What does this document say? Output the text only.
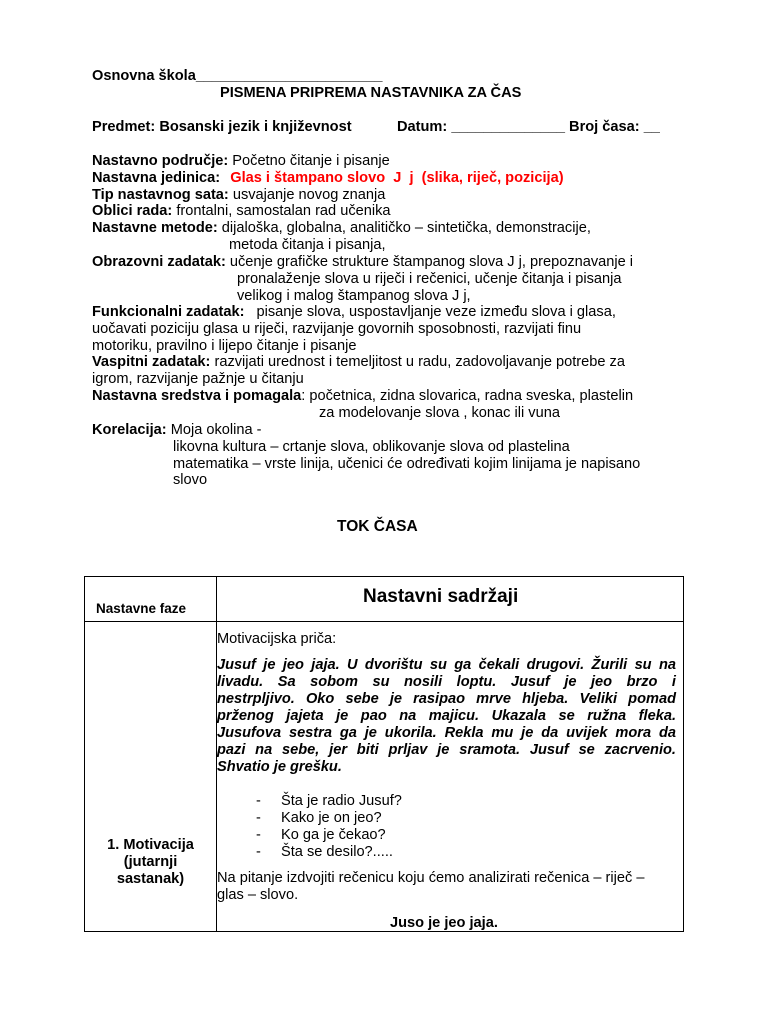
Osnovna škola_______________________
PISMENA PRIPREMA NASTAVNIKA ZA ČAS
Predmet: Bosanski jezik i književnost	Datum: ______________ Broj časa: __
Nastavno područje: Početno čitanje i pisanje
Nastavna jedinica: Glas i štampano slovo  J  j  (slika, riječ, pozicija)
Tip nastavnog sata: usvajanje novog znanja
Oblici rada: frontalni, samostalan rad učenika
Nastavne metode: dijaloška, globalna, analitičko – sintetička, demonstracije,
metoda čitanja i pisanja,
Obrazovni zadatak: učenje grafičke strukture štampanog slova J j, prepoznavanje i
pronalaženje slova u riječi i rečenici, učenje čitanja i pisanja
velikog i malog štampanog slova J j,
Funkcionalni zadatak: pisanje slova, uspostavljanje veze između slova i glasa,
uočavati poziciju glasa u riječi, razvijanje govornih sposobnosti, razvijati finu
motoriku, pravilno i lijepo čitanje i pisanje
Vaspitni zadatak: razvijati urednost i temeljitost u radu, zadovoljavanje potrebe za
igrom, razvijanje pažnje u čitanju
Nastavna sredstva i pomagala: početnica, zidna slovarica, radna sveska, plastelin
za modelovanje slova , konac ili vuna
Korelacija: Moja okolina -
likovna kultura – crtanje slova, oblikovanje slova od plastelina
matematika – vrste linija, učenici će određivati kojim linijama je napisano
slovo
TOK ČASA
Nastavne faze
Nastavni sadržaji
1. Motivacija
(jutarnji
sastanak)
Motivacijska priča:
Jusuf je jeo jaja. U dvorištu su ga čekali drugovi. Žurili su na
livadu. Sa sobom su nosili loptu. Jusuf je jeo brzo i
nestrpljivo. Oko sebe je rasipao mrve hljeba. Veliki pomad
prženog jajeta je pao na majicu. Ukazala se ružna fleka.
Jusufova sestra ga je ukorila. Rekla mu je da uvijek mora da
pazi na sebe, jer biti prljav je sramota. Jusuf se zacrvenio.
Shvatio je grešku.
- Šta je radio Jusuf?
- Kako je on jeo?
- Ko ga je čekao?
- Šta se desilo?.....
Na pitanje izdvojiti rečenicu koju ćemo analizirati rečenica – riječ –
glas – slovo.
Juso je jeo jaja.
